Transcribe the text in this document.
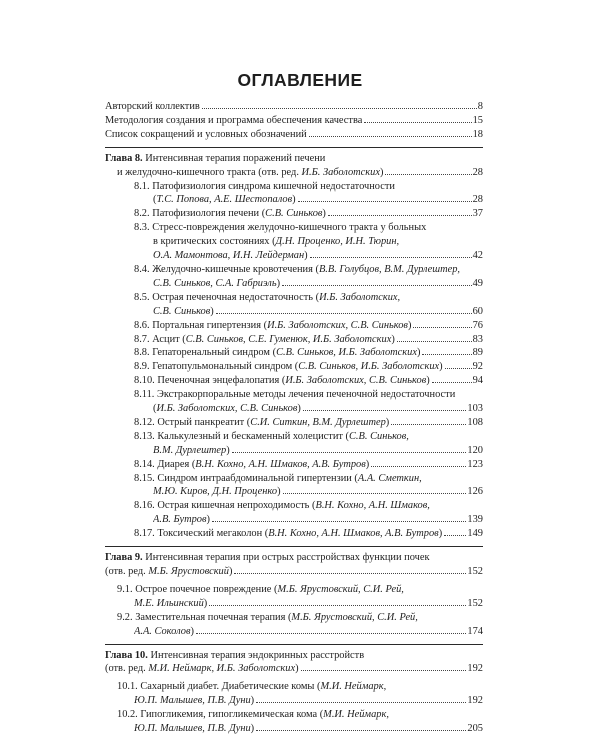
ОГЛАВЛЕНИЕ
Авторский коллектив	8
Методология создания и программа обеспечения качества	15
Список сокращений и условных обозначений	18
Глава 8. Интенсивная терапия поражений печени
и желудочно-кишечного тракта (отв. ред. И.Б. Заболотских)	28
8.1. Патофизиология синдрома кишечной недостаточности
(Т.С. Попова, А.Е. Шестопалов)	28
8.2. Патофизиология печени (С.В. Синьков)	37
8.3. Стресс-повреждения желудочно-кишечного тракта у больных
в критических состояниях (Д.Н. Проценко, И.Н. Тюрин,
О.А. Мамонтова, И.Н. Лейдерман)	42
8.4. Желудочно-кишечные кровотечения (В.В. Голубцов, В.М. Дурлештер,
С.В. Синьков, С.А. Габриэль)	49
8.5. Острая печеночная недостаточность (И.Б. Заболотских,
С.В. Синьков)	60
8.6. Портальная гипертензия (И.Б. Заболотских, С.В. Синьков)	76
8.7. Асцит (С.В. Синьков, С.Е. Гуменюк, И.Б. Заболотских)	83
8.8. Гепаторенальный синдром (С.В. Синьков, И.Б. Заболотских)	89
8.9. Гепатопульмональный синдром (С.В. Синьков, И.Б. Заболотских)	92
8.10. Печеночная энцефалопатия (И.Б. Заболотских, С.В. Синьков)	94
8.11. Экстракорпоральные методы лечения печеночной недостаточности
(И.Б. Заболотских, С.В. Синьков)	103
8.12. Острый панкреатит (С.И. Ситкин, В.М. Дурлештер)	108
8.13. Калькулезный и бескаменный холецистит (С.В. Синьков,
В.М. Дурлештер)	120
8.14. Диарея (В.Н. Кохно, А.Н. Шмаков, А.В. Бутров)	123
8.15. Синдром интраабдоминальной гипертензии (А.А. Сметкин,
М.Ю. Киров, Д.Н. Проценко)	126
8.16. Острая кишечная непроходимость (В.Н. Кохно, А.Н. Шмаков,
А.В. Бутров)	139
8.17. Токсический мегаколон (В.Н. Кохно, А.Н. Шмаков, А.В. Бутров) 149
Глава 9. Интенсивная терапия при острых расстройствах функции почек
(отв. ред. М.Б. Ярустовский)	152
9.1. Острое почечное повреждение (М.Б. Ярустовский, С.И. Рей,
М.Е. Ильинский)	152
9.2. Заместительная почечная терапия (М.Б. Ярустовский, С.И. Рей,
А.А. Соколов)	174
Глава 10. Интенсивная терапия эндокринных расстройств
(отв. ред. М.И. Неймарк, И.Б. Заболотских)	192
10.1. Сахарный диабет. Диабетические комы (М.И. Неймарк,
Ю.П. Малышев, П.В. Дуни)	192
10.2. Гипогликемия, гипогликемическая кома (М.И. Неймарк,
Ю.П. Малышев, П.В. Дуни)	205
